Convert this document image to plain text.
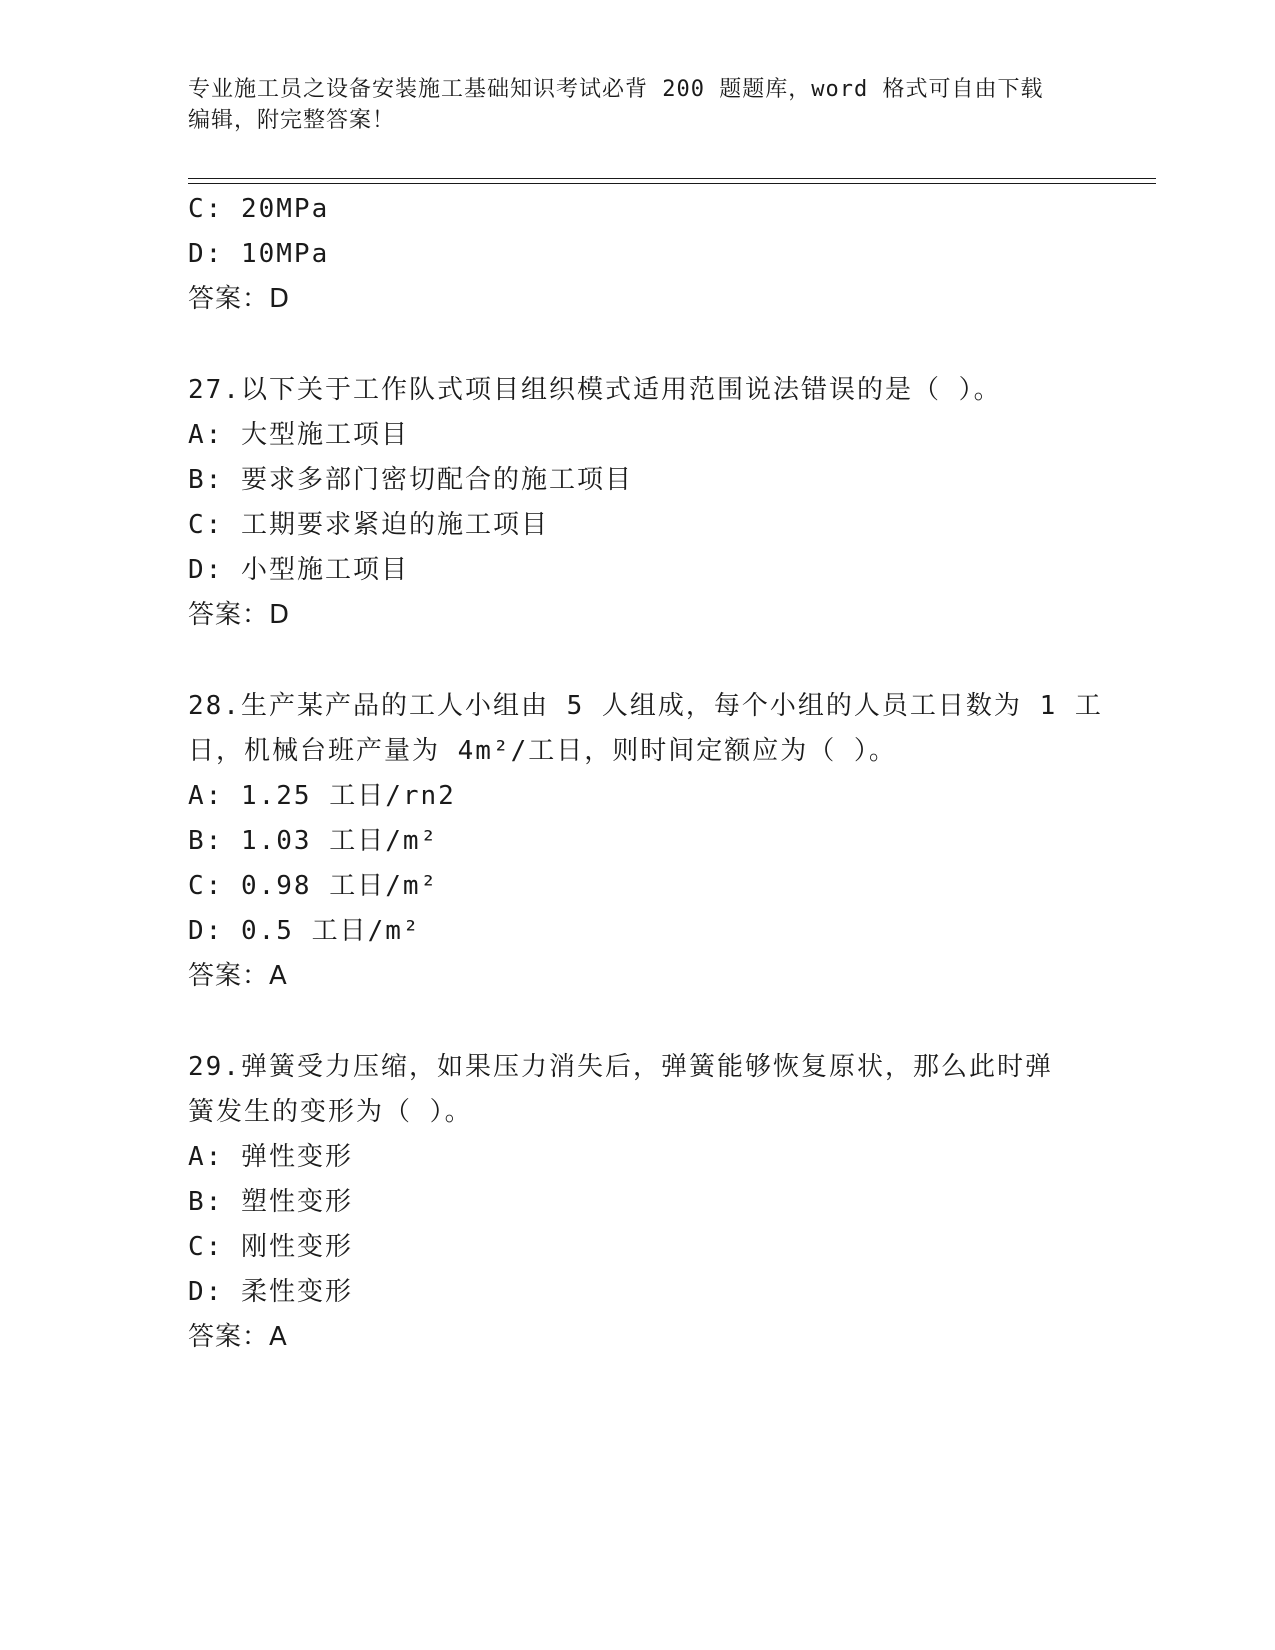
专业施工员之设备安装施工基础知识考试必背 200 题题库，word 格式可自由下载
编辑，附完整答案！
C: 20MPa
D: 10MPa
答案：D
27.以下关于工作队式项目组织模式适用范围说法错误的是（ ）。
A: 大型施工项目
B: 要求多部门密切配合的施工项目
C: 工期要求紧迫的施工项目
D: 小型施工项目
答案：D
28.生产某产品的工人小组由 5 人组成，每个小组的人员工日数为 1 工
日，机械台班产量为 4m²/工日，则时间定额应为（ ）。
A: 1.25 工日/rn2
B: 1.03 工日/m²
C: 0.98 工日/m²
D: 0.5 工日/m²
答案：A
29.弹簧受力压缩，如果压力消失后，弹簧能够恢复原状，那么此时弹
簧发生的变形为（ ）。
A: 弹性变形
B: 塑性变形
C: 刚性变形
D: 柔性变形
答案：A
